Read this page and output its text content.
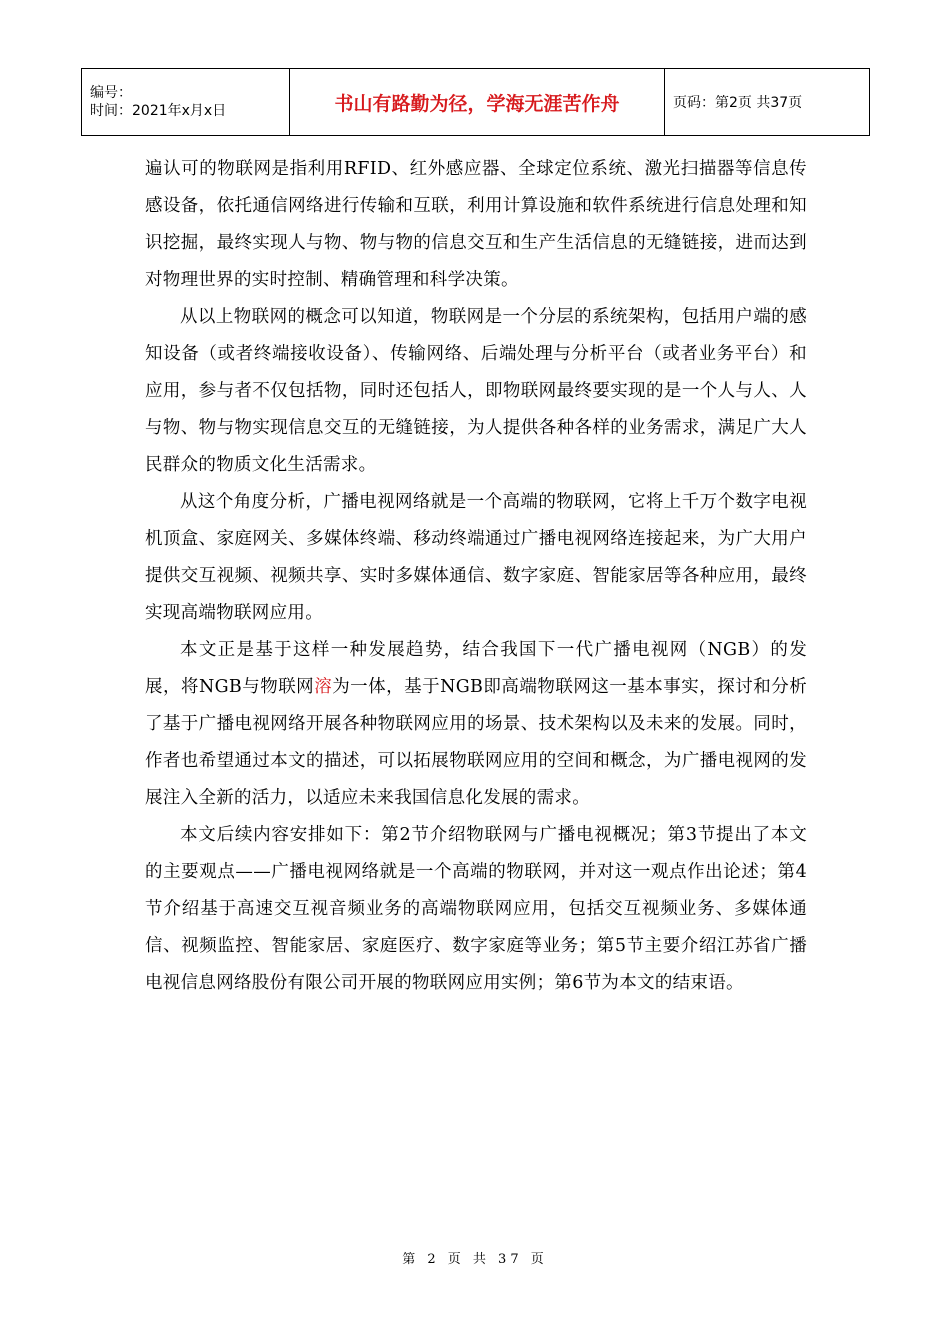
编号：
时间：2021年x月x日	书山有路勤为径，学海无涯苦作舟	页码：第2页 共37页

遍认可的物联网是指利用RFID、红外感应器、全球定位系统、激光扫描器等信息传感设备，依托通信网络进行传输和互联，利用计算设施和软件系统进行信息处理和知识挖掘，最终实现人与物、物与物的信息交互和生产生活信息的无缝链接，进而达到对物理世界的实时控制、精确管理和科学决策。

从以上物联网的概念可以知道，物联网是一个分层的系统架构，包括用户端的感知设备（或者终端接收设备）、传输网络、后端处理与分析平台（或者业务平台）和应用，参与者不仅包括物，同时还包括人，即物联网最终要实现的是一个人与人、人与物、物与物实现信息交互的无缝链接，为人提供各种各样的业务需求，满足广大人民群众的物质文化生活需求。

从这个角度分析，广播电视网络就是一个高端的物联网，它将上千万个数字电视机顶盒、家庭网关、多媒体终端、移动终端通过广播电视网络连接起来，为广大用户提供交互视频、视频共享、实时多媒体通信、数字家庭、智能家居等各种应用，最终实现高端物联网应用。

本文正是基于这样一种发展趋势，结合我国下一代广播电视网（NGB）的发展，将NGB与物联网溶为一体，基于NGB即高端物联网这一基本事实，探讨和分析了基于广播电视网络开展各种物联网应用的场景、技术架构以及未来的发展。同时，作者也希望通过本文的描述，可以拓展物联网应用的空间和概念，为广播电视网的发展注入全新的活力，以适应未来我国信息化发展的需求。

本文后续内容安排如下：第2节介绍物联网与广播电视概况；第3节提出了本文的主要观点——广播电视网络就是一个高端的物联网，并对这一观点作出论述；第4节介绍基于高速交互视音频业务的高端物联网应用，包括交互视频业务、多媒体通信、视频监控、智能家居、家庭医疗、数字家庭等业务；第5节主要介绍江苏省广播电视信息网络股份有限公司开展的物联网应用实例；第6节为本文的结束语。

第 2 页 共 37 页
